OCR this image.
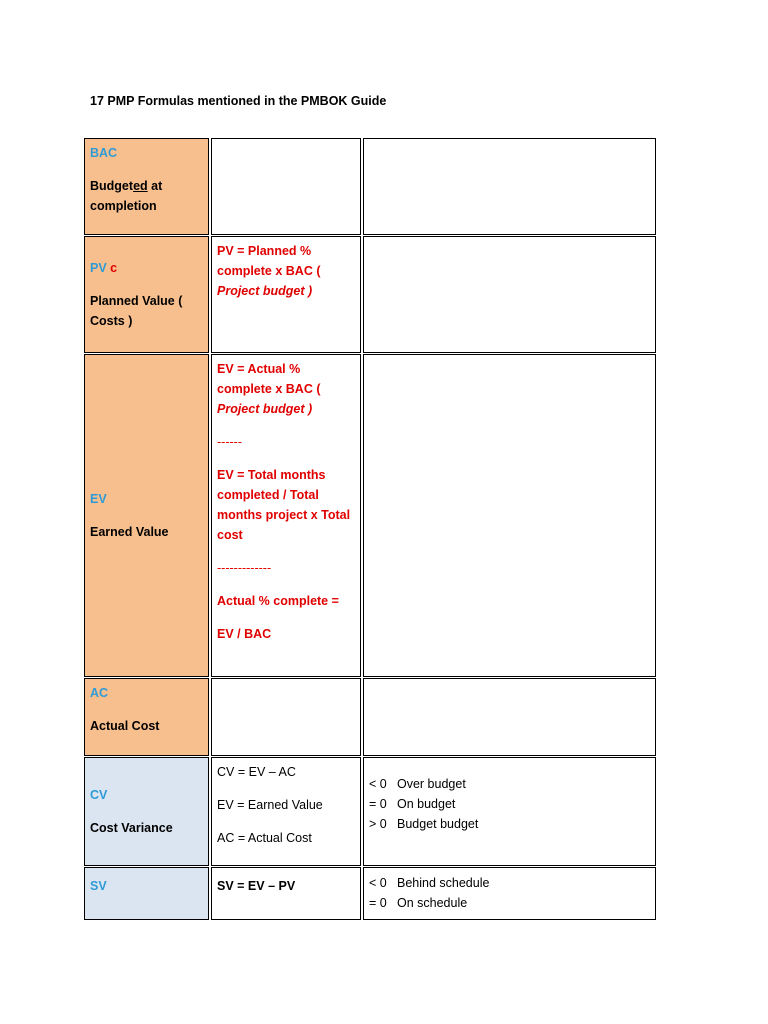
17 PMP Formulas mentioned in the PMBOK Guide

BAC

Budgeted at

completion

PV c

Planned Value ( Costs )

PV = Planned % complete x BAC ( Project budget )

EV

Earned Value

EV = Actual % complete x BAC ( Project budget )

------

EV = Total months completed / Total months project x Total cost

-------------

Actual % complete =

EV / BAC

AC

Actual Cost

CV

Cost Variance

CV = EV – AC

EV = Earned Value

AC = Actual Cost

< 0 Over budget
= 0 On budget
> 0 Budget budget

SV	SV = EV – PV	< 0 Behind schedule
= 0 On schedule
